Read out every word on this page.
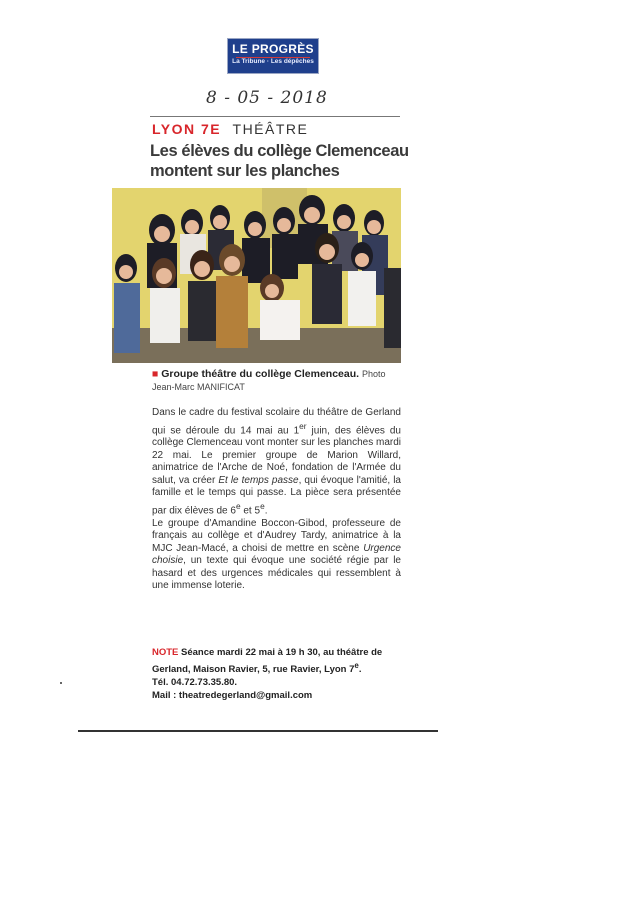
LE PROGRÈS
La Tribune · Les dépêches
8 - 05 - 2018
LYON 7E THÉÂTRE
Les élèves du collège Clemenceau montent sur les planches
■ Groupe théâtre du collège Clemenceau. Photo Jean-Marc MANIFICAT

Dans le cadre du festival scolaire du théâtre de Gerland qui se déroule du 14 mai au 1er juin, des élèves du collège Clemenceau vont monter sur les planches mardi 22 mai. Le premier groupe de Marion Willard, animatrice de l'Arche de Noé, fondation de l'Armée du salut, va créer Et le temps passe, qui évoque l'amitié, la famille et le temps qui passe. La pièce sera présentée par dix élèves de 6e et 5e.

Le groupe d'Amandine Boccon-Gibod, professeure de français au collège et d'Audrey Tardy, animatrice à la MJC Jean-Macé, a choisi de mettre en scène Urgence choisie, un texte qui évoque une société régie par le hasard et des urgences médicales qui ressemblent à une immense loterie.

NOTE Séance mardi 22 mai à 19 h 30, au théâtre de Gerland, Maison Ravier, 5, rue Ravier, Lyon 7e.
Tél. 04.72.73.35.80.
Mail : theatredegerland@gmail.com
